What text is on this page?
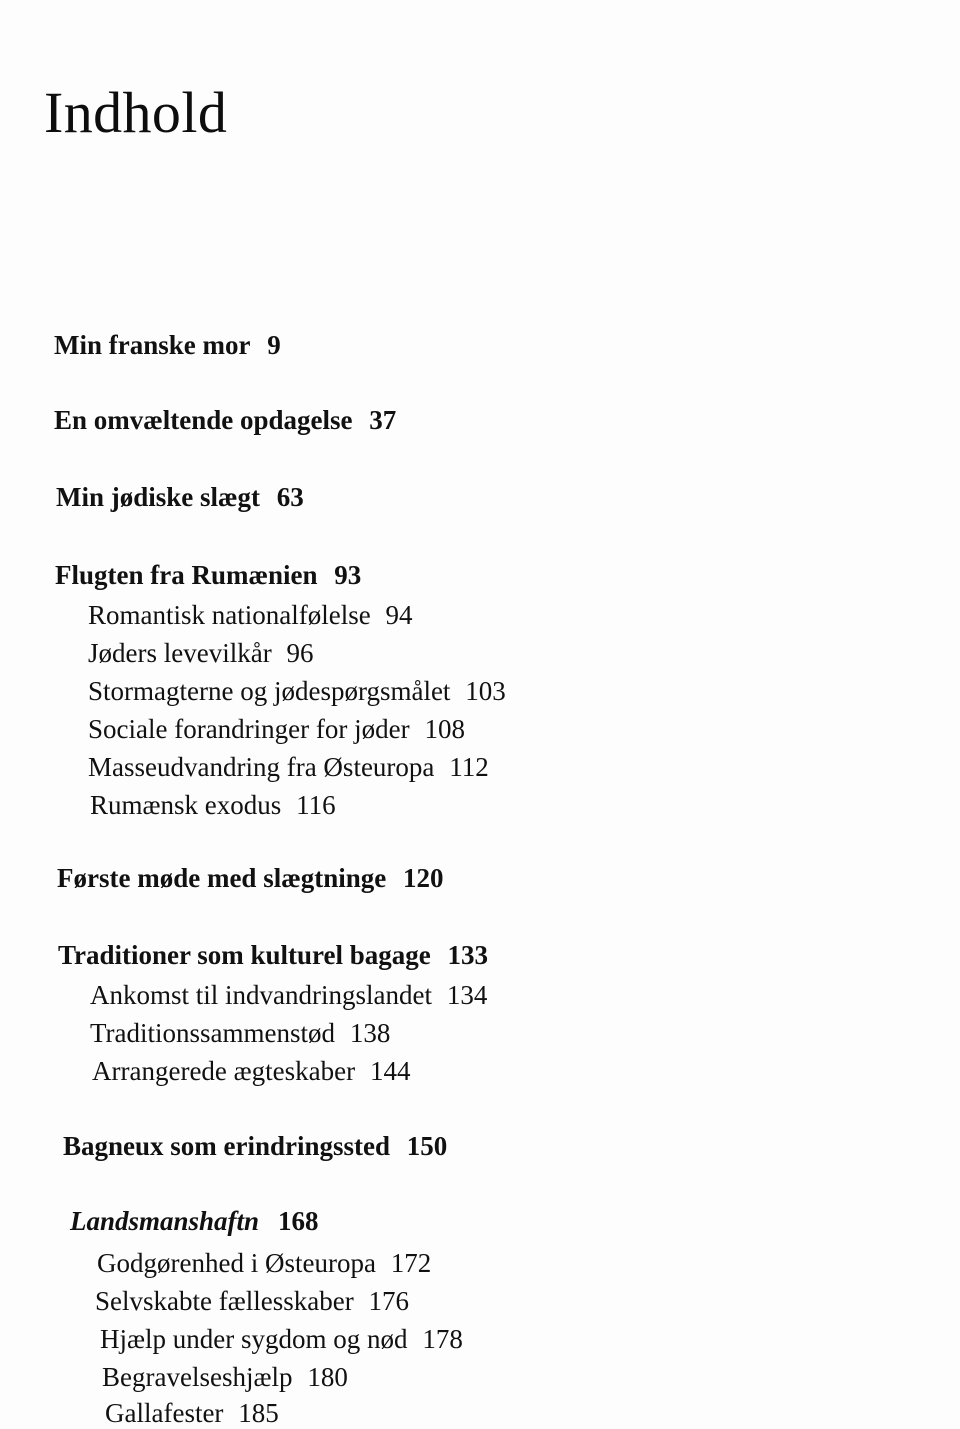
Indhold
Min franske mor 9
En omvæltende opdagelse 37
Min jødiske slægt 63
Flugten fra Rumænien 93
Romantisk nationalfølelse 94
Jøders levevilkår 96
Stormagterne og jødespørgsmålet 103
Sociale forandringer for jøder 108
Masseudvandring fra Østeuropa 112
Rumænsk exodus 116
Første møde med slægtninge 120
Traditioner som kulturel bagage 133
Ankomst til indvandringslandet 134
Traditionssammenstød 138
Arrangerede ægteskaber 144
Bagneux som erindringssted 150
Landsmanshaftn 168
Godgørenhed i Østeuropa 172
Selvskabte fællesskaber 176
Hjælp under sygdom og nød 178
Begravelseshjælp 180
Gallafester 185
